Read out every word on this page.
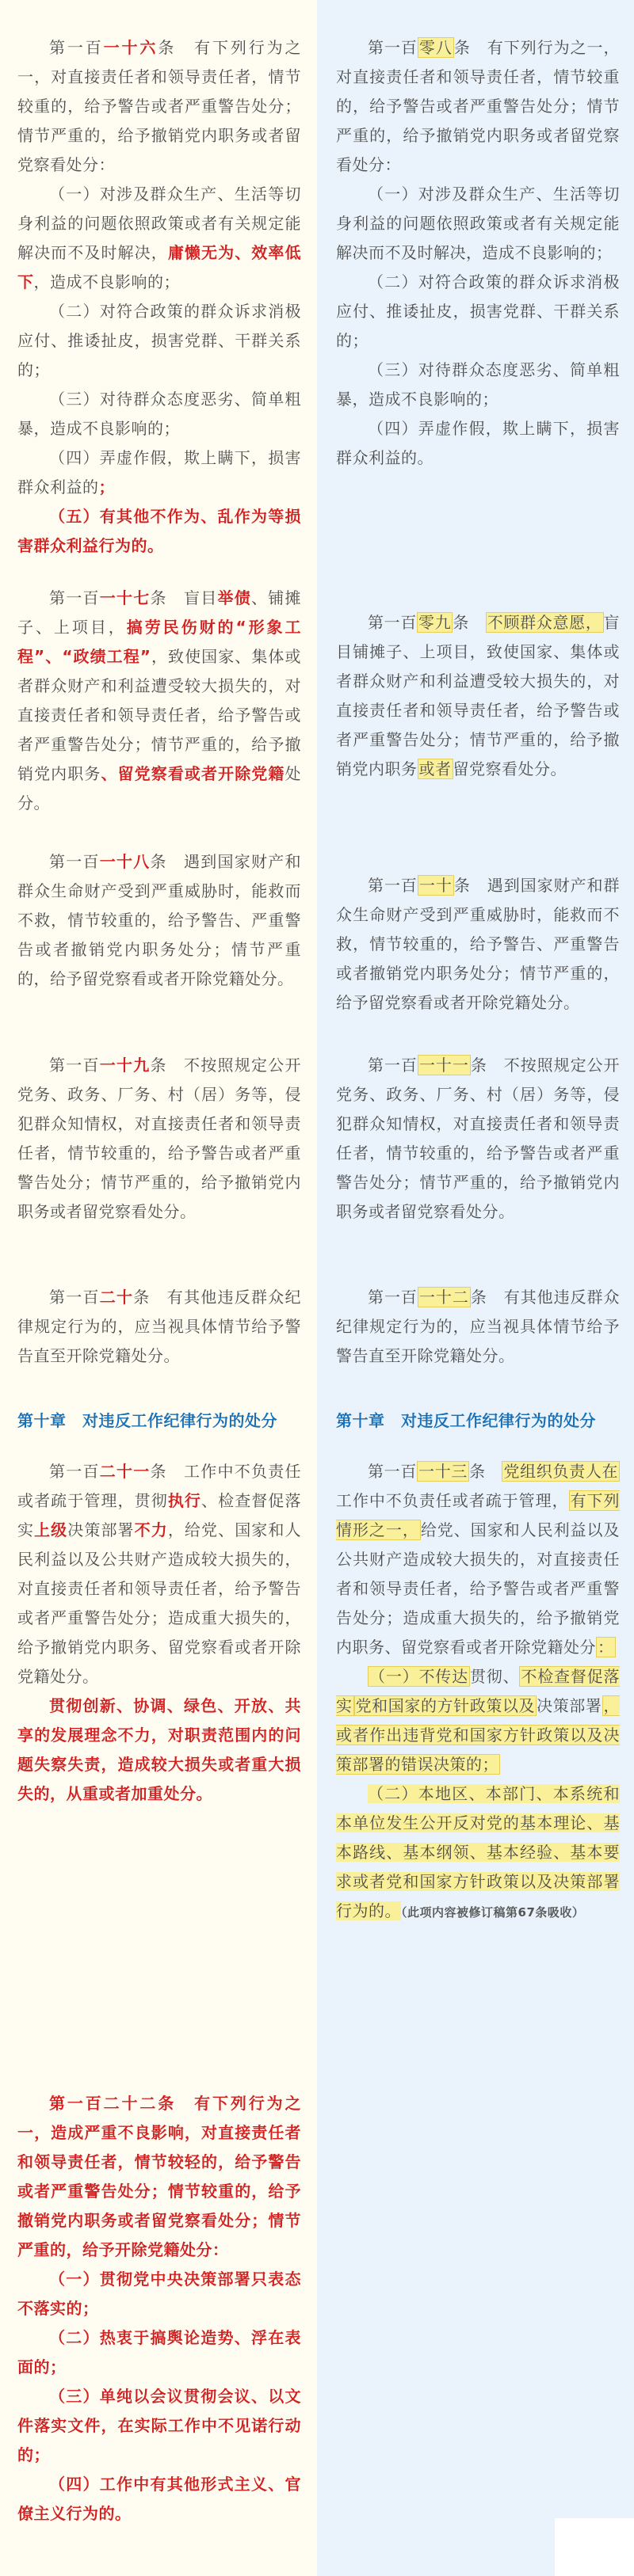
第一百一十六条　有下列行为之一，对直接责任者和领导责任者，情节较重的，给予警告或者严重警告处分；情节严重的，给予撤销党内职务或者留党察看处分：

（一）对涉及群众生产、生活等切身利益的问题依照政策或者有关规定能解决而不及时解决，庸懒无为、效率低下，造成不良影响的；

（二）对符合政策的群众诉求消极应付、推诿扯皮，损害党群、干群关系的；

（三）对待群众态度恶劣、简单粗暴，造成不良影响的；

（四）弄虚作假，欺上瞒下，损害群众利益的；

（五）有其他不作为、乱作为等损害群众利益行为的。

第一百一十七条　盲目举债、铺摊子、上项目，搞劳民伤财的“形象工程”、“政绩工程”，致使国家、集体或者群众财产和利益遭受较大损失的，对直接责任者和领导责任者，给予警告或者严重警告处分；情节严重的，给予撤销党内职务、留党察看或者开除党籍处分。

第一百一十八条　遇到国家财产和群众生命财产受到严重威胁时，能救而不救，情节较重的，给予警告、严重警告或者撤销党内职务处分；情节严重的，给予留党察看或者开除党籍处分。

第一百一十九条　不按照规定公开党务、政务、厂务、村（居）务等，侵犯群众知情权，对直接责任者和领导责任者，情节较重的，给予警告或者严重警告处分；情节严重的，给予撤销党内职务或者留党察看处分。

第一百二十条　有其他违反群众纪律规定行为的，应当视具体情节给予警告直至开除党籍处分。

第十章　对违反工作纪律行为的处分

第一百二十一条　工作中不负责任或者疏于管理，贯彻执行、检查督促落实上级决策部署不力，给党、国家和人民利益以及公共财产造成较大损失的，对直接责任者和领导责任者，给予警告或者严重警告处分；造成重大损失的，给予撤销党内职务、留党察看或者开除党籍处分。

贯彻创新、协调、绿色、开放、共享的发展理念不力，对职责范围内的问题失察失责，造成较大损失或者重大损失的，从重或者加重处分。

第一百二十二条　有下列行为之一，造成严重不良影响，对直接责任者和领导责任者，情节较轻的，给予警告或者严重警告处分；情节较重的，给予撤销党内职务或者留党察看处分；情节严重的，给予开除党籍处分：

（一）贯彻党中央决策部署只表态不落实的；

（二）热衷于搞舆论造势、浮在表面的；

（三）单纯以会议贯彻会议、以文件落实文件，在实际工作中不见诺行动的；

（四）工作中有其他形式主义、官僚主义行为的。

第一百 零八 条　有下列行为之一，对直接责任者和领导责任者，情节较重的，给予警告或者严重警告处分；情节严重的，给予撤销党内职务或者留党察看处分：

（一）对涉及群众生产、生活等切身利益的问题依照政策或者有关规定能解决而不及时解决，造成不良影响的；

（二）对符合政策的群众诉求消极应付、推诿扯皮，损害党群、干群关系的；

（三）对待群众态度恶劣、简单粗暴，造成不良影响的；

（四）弄虚作假，欺上瞒下，损害群众利益的。

第一百 零九 条　不顾群众意愿， 盲目铺摊子、上项目，致使国家、集体或者群众财产和利益遭受较大损失的，对直接责任者和领导责任者，给予警告或者严重警告处分；情节严重的，给予撤销党内职务 或者 留党察看处分。

第一百 一十 条　遇到国家财产和群众生命财产受到严重威胁时，能救而不救，情节较重的，给予警告、严重警告或者撤销党内职务处分；情节严重的，给予留党察看或者开除党籍处分。

第一百 一十一 条　不按照规定公开党务、政务、厂务、村（居）务等，侵犯群众知情权，对直接责任者和领导责任者，情节较重的，给予警告或者严重警告处分；情节严重的，给予撤销党内职务或者留党察看处分。

第一百 一十二 条　有其他违反群众纪律规定行为的，应当视具体情节给予警告直至开除党籍处分。

第十章　对违反工作纪律行为的处分

第一百 一十三 条　党组织负责人在工作中不负责任或者疏于管理， 有下列情形之一， 给党、国家和人民利益以及公共财产造成较大损失的，对直接责任者和领导责任者，给予警告或者严重警告处分；造成重大损失的，给予撤销党内职务、留党察看或者开除党籍处分 ：

（一）不传达 贯彻、 不检查督促落实 党和国家的方针政策以及 决策部署 ，或者作出违背党和国家方针政策以及决策部署的错误决策的；

（二）本地区、本部门、本系统和本单位发生公开反对党的基本理论、基本路线、基本纲领、基本经验、基本要求或者党和国家方针政策以及决策部署行为的。（此项内容被修订稿第67条吸收）
